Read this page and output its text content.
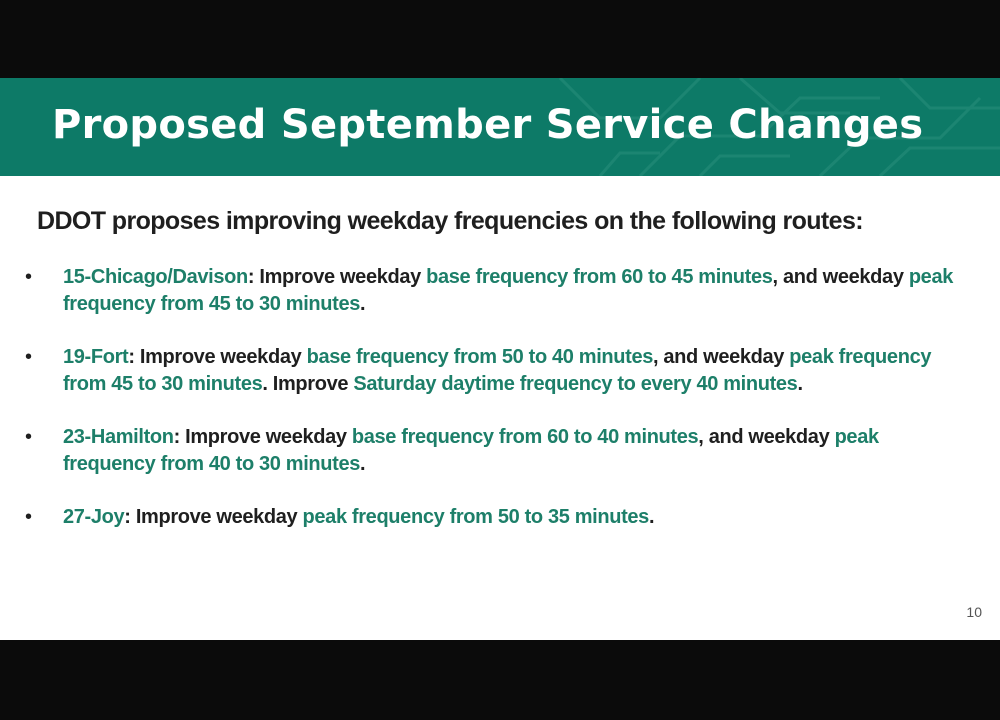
Proposed September Service Changes

DDOT proposes improving weekday frequencies on the following routes:

• 15-Chicago/Davison: Improve weekday base frequency from 60 to 45 minutes, and weekday peak frequency from 45 to 30 minutes.
• 19-Fort: Improve weekday base frequency from 50 to 40 minutes, and weekday peak frequency from 45 to 30 minutes. Improve Saturday daytime frequency to every 40 minutes.
• 23-Hamilton: Improve weekday base frequency from 60 to 40 minutes, and weekday peak frequency from 40 to 30 minutes.
• 27-Joy: Improve weekday peak frequency from 50 to 35 minutes.
10
